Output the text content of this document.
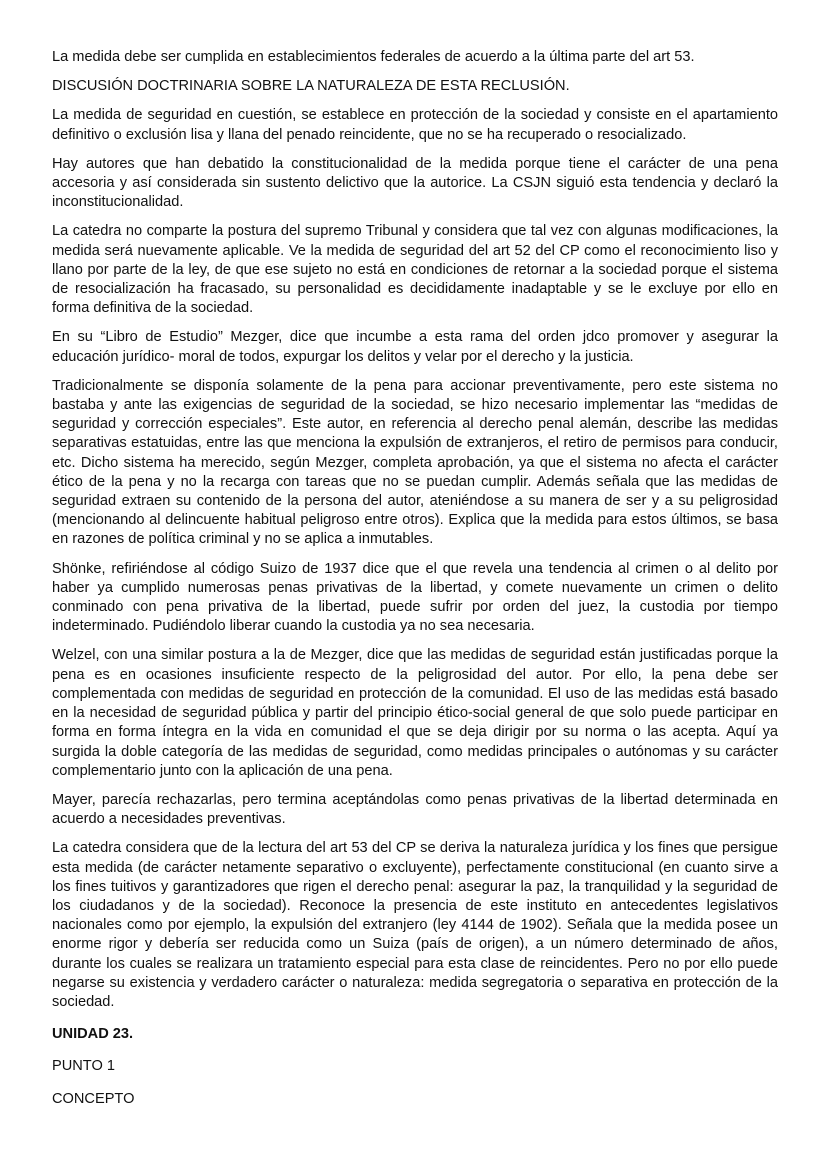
La medida debe ser cumplida en establecimientos federales de acuerdo a la última parte del art 53.

DISCUSIÓN DOCTRINARIA SOBRE LA NATURALEZA DE ESTA RECLUSIÓN.

La medida de seguridad en cuestión, se establece en protección de la sociedad y consiste en el apartamiento definitivo o exclusión lisa y llana del penado reincidente, que no se ha recuperado o resocializado.

Hay autores que han debatido la constitucionalidad de la medida porque tiene el carácter de una pena accesoria y así considerada sin sustento delictivo que la autorice. La CSJN siguió esta tendencia y declaró la inconstitucionalidad.

La catedra no comparte la postura del supremo Tribunal y considera que tal vez con algunas modificaciones, la medida será nuevamente aplicable. Ve la medida de seguridad del art 52 del CP como el reconocimiento liso y llano por parte de la ley, de que ese sujeto no está en condiciones de retornar a la sociedad porque el sistema de resocialización ha fracasado, su personalidad es decididamente inadaptable y se le excluye por ello en forma definitiva de la sociedad.

En su “Libro de Estudio” Mezger, dice que incumbe a esta rama del orden jdco promover y asegurar la educación jurídico- moral de todos, expurgar los delitos y velar por el derecho y la justicia.

Tradicionalmente se disponía solamente de la pena para accionar preventivamente, pero este sistema no bastaba y ante las exigencias de seguridad de la sociedad, se hizo necesario implementar las “medidas de seguridad y corrección especiales”. Este autor, en referencia al derecho penal alemán, describe las medidas separativas estatuidas, entre las que menciona la expulsión de extranjeros, el retiro de permisos para conducir, etc. Dicho sistema ha merecido, según Mezger, completa aprobación, ya que el sistema no afecta el carácter ético de la pena y no la recarga con tareas que no se puedan cumplir. Además señala que las medidas de seguridad extraen su contenido de la persona del autor, ateniéndose a su manera de ser y a su peligrosidad (mencionando al delincuente habitual peligroso entre otros). Explica que la medida para estos últimos, se basa en razones de política criminal y no se aplica a inmutables.

Shönke, refiriéndose al código Suizo de 1937 dice que el que revela una tendencia al crimen o al delito por haber ya cumplido numerosas penas privativas de la libertad, y comete nuevamente un crimen o delito conminado con pena privativa de la libertad, puede sufrir por orden del juez, la custodia por tiempo indeterminado. Pudiéndolo liberar cuando la custodia ya no sea necesaria.

Welzel, con una similar postura a la de Mezger, dice que las medidas de seguridad están justificadas porque la pena es en ocasiones insuficiente respecto de la peligrosidad del autor. Por ello, la pena debe ser complementada con medidas de seguridad en protección de la comunidad. El uso de las medidas está basado en la necesidad de seguridad pública y partir del principio ético-social general de que solo puede participar en forma en forma íntegra en la vida en comunidad el que se deja dirigir por su norma o las acepta. Aquí ya surgida la doble categoría de las medidas de seguridad, como medidas principales o autónomas y su carácter complementario junto con la aplicación de una pena.

Mayer, parecía rechazarlas, pero termina aceptándolas como penas privativas de la libertad determinada en acuerdo a necesidades preventivas.

La catedra considera que de la lectura del art 53 del CP se deriva la naturaleza jurídica y los fines que persigue esta medida (de carácter netamente separativo o excluyente), perfectamente constitucional (en cuanto sirve a los fines tuitivos y garantizadores que rigen el derecho penal: asegurar la paz, la tranquilidad y la seguridad de los ciudadanos y de la sociedad). Reconoce la presencia de este instituto en antecedentes legislativos nacionales como por ejemplo, la expulsión del extranjero (ley 4144 de 1902). Señala que la medida posee un enorme rigor y debería ser reducida como un Suiza (país de origen), a un número determinado de años, durante los cuales se realizara un tratamiento especial para esta clase de reincidentes. Pero no por ello puede negarse su existencia y verdadero carácter o naturaleza: medida segregatoria o separativa en protección de la sociedad.

UNIDAD 23.

PUNTO 1

CONCEPTO
